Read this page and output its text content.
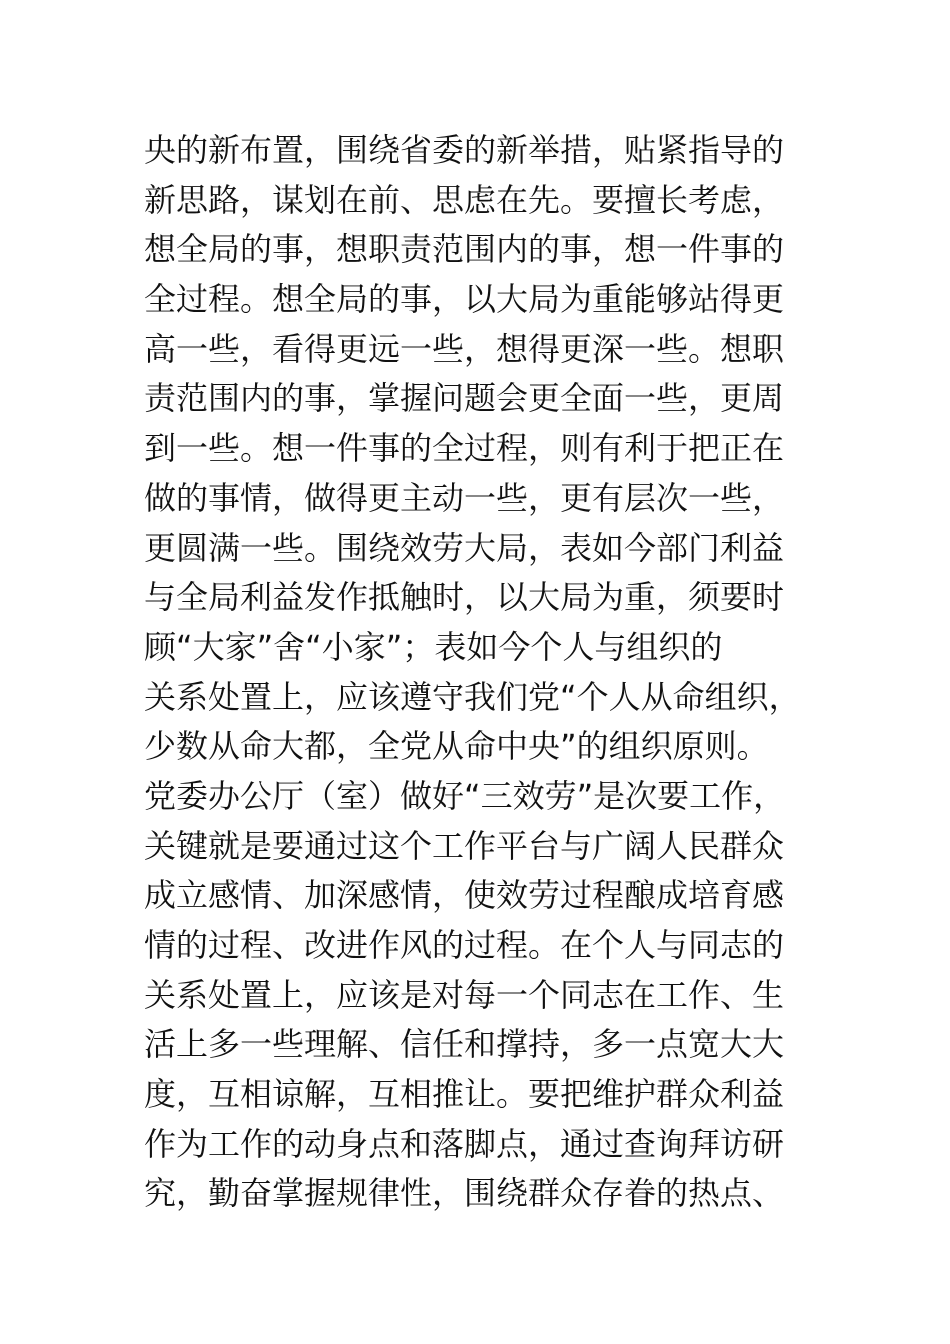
央的新布置，围绕省委的新举措，贴紧指导的
新思路，谋划在前、思虑在先。要擅长考虑，
想全局的事，想职责范围内的事，想一件事的
全过程。想全局的事，以大局为重能够站得更
高一些，看得更远一些，想得更深一些。想职
责范围内的事，掌握问题会更全面一些，更周
到一些。想一件事的全过程，则有利于把正在
做的事情，做得更主动一些，更有层次一些，
更圆满一些。围绕效劳大局，表如今部门利益
与全局利益发作抵触时，以大局为重，须要时
顾“大家”舍“小家”；表如今个人与组织的
关系处置上，应该遵守我们党“个人从命组织，
少数从命大都，全党从命中央”的组织原则。
党委办公厅（室）做好“三效劳”是次要工作，
关键就是要通过这个工作平台与广阔人民群众
成立感情、加深感情，使效劳过程酿成培育感
情的过程、改进作风的过程。在个人与同志的
关系处置上，应该是对每一个同志在工作、生
活上多一些理解、信任和撑持，多一点宽大大
度，互相谅解，互相推让。要把维护群众利益
作为工作的动身点和落脚点，通过查询拜访研
究，勤奋掌握规律性，围绕群众存眷的热点、
